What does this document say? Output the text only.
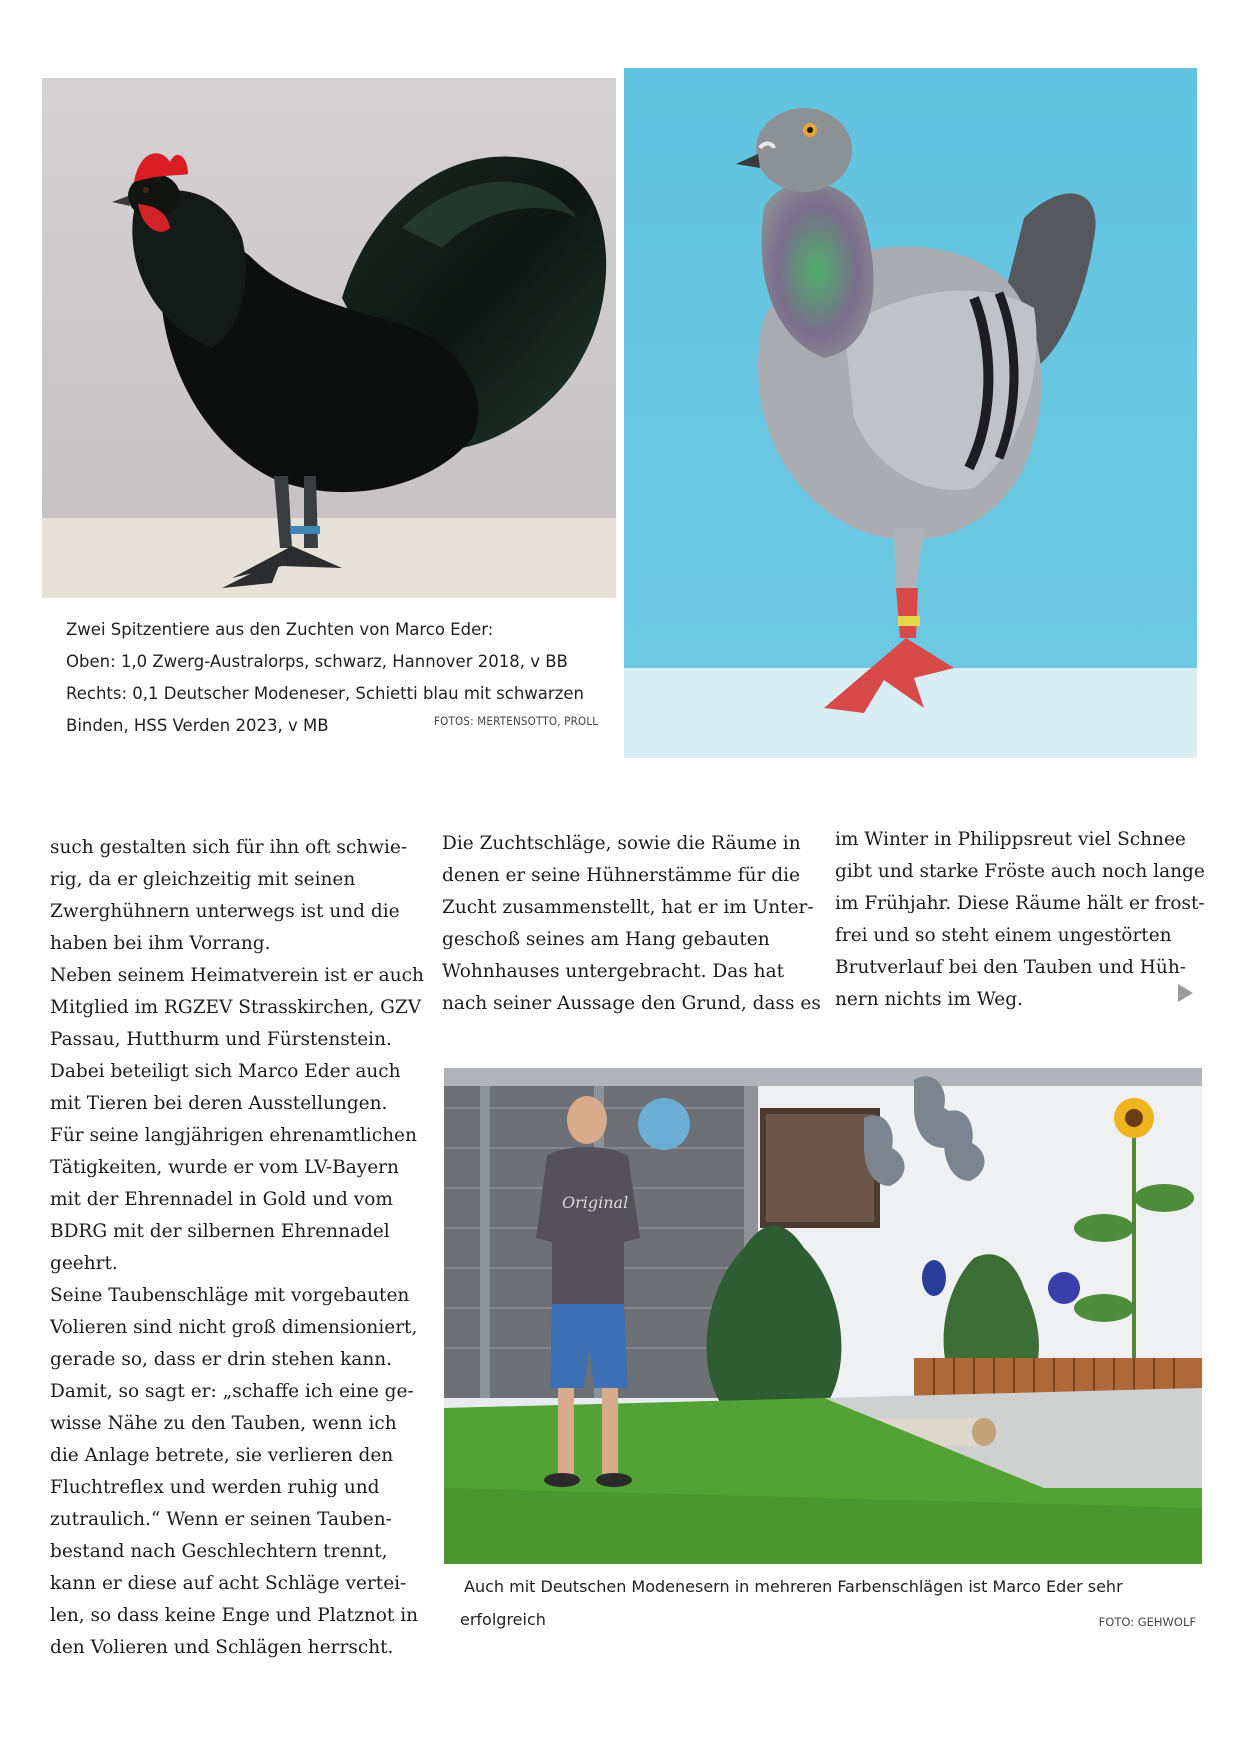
Zwei Spitzentiere aus den Zuchten von Marco Eder:
Oben: 1,0 Zwerg-Australorps, schwarz, Hannover 2018, v BB
Rechts: 0,1 Deutscher Modeneser, Schietti blau mit schwarzen
Binden, HSS Verden 2023, v MB	FOTOS: MERTENSOTTO, PROLL
such gestalten sich für ihn oft schwie-
rig, da er gleichzeitig mit seinen
Zwerghühnern unterwegs ist und die
haben bei ihm Vorrang.
Neben seinem Heimatverein ist er auch
Mitglied im RGZEV Strasskirchen, GZV
Passau, Hutthurm und Fürstenstein.
Dabei beteiligt sich Marco Eder auch
mit Tieren bei deren Ausstellungen.
Für seine langjährigen ehrenamtlichen
Tätigkeiten, wurde er vom LV-Bayern
mit der Ehrennadel in Gold und vom
BDRG mit der silbernen Ehrennadel
geehrt.
Seine Taubenschläge mit vorgebauten
Volieren sind nicht groß dimensioniert,
gerade so, dass er drin stehen kann.
Damit, so sagt er: „schaffe ich eine ge-
wisse Nähe zu den Tauben, wenn ich
die Anlage betrete, sie verlieren den
Fluchtreflex und werden ruhig und
zutraulich.“ Wenn er seinen Tauben-
bestand nach Geschlechtern trennt,
kann er diese auf acht Schläge vertei-
len, so dass keine Enge und Platznot in
den Volieren und Schlägen herrscht.
Die Zuchtschläge, sowie die Räume in
denen er seine Hühnerstämme für die
Zucht zusammenstellt, hat er im Unter-
geschoß seines am Hang gebauten
Wohnhauses untergebracht. Das hat
nach seiner Aussage den Grund, dass es
im Winter in Philippsreut viel Schnee
gibt und starke Fröste auch noch lange
im Frühjahr. Diese Räume hält er frost-
frei und so steht einem ungestörten
Brutverlauf bei den Tauben und Hüh-
nern nichts im Weg.
Original
Auch mit Deutschen Modenesern in mehreren Farbenschlägen ist Marco Eder sehr
erfolgreich	FOTO: GEHWOLF
